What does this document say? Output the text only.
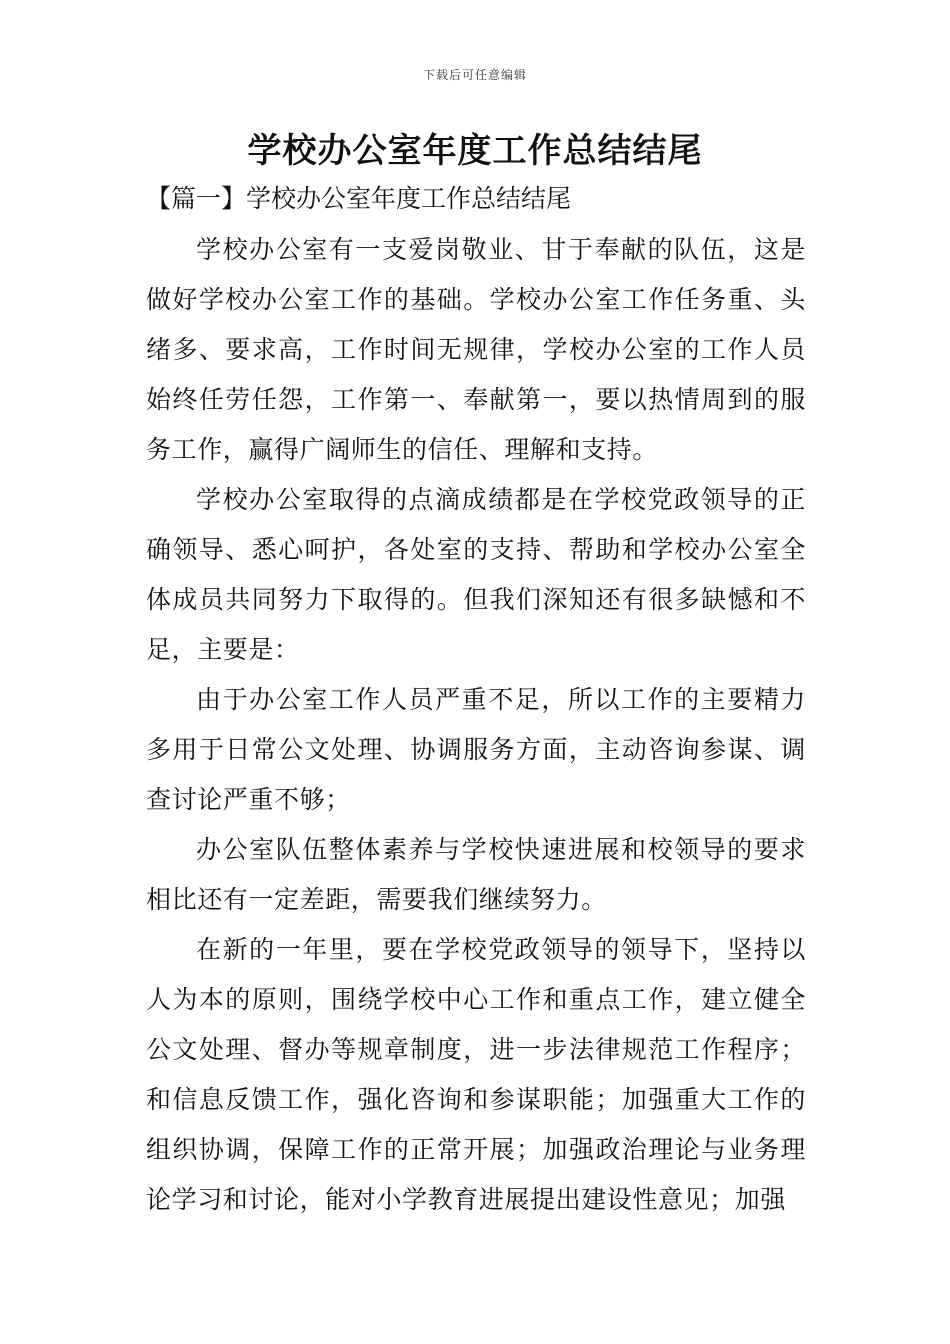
下载后可任意编辑
学校办公室年度工作总结结尾

【篇一】学校办公室年度工作总结结尾

学校办公室有一支爱岗敬业、甘于奉献的队伍，这是做好学校办公室工作的基础。学校办公室工作任务重、头绪多、要求高，工作时间无规律，学校办公室的工作人员始终任劳任怨，工作第一、奉献第一，要以热情周到的服务工作，赢得广阔师生的信任、理解和支持。

学校办公室取得的点滴成绩都是在学校党政领导的正确领导、悉心呵护，各处室的支持、帮助和学校办公室全体成员共同努力下取得的。但我们深知还有很多缺憾和不足，主要是：

由于办公室工作人员严重不足，所以工作的主要精力多用于日常公文处理、协调服务方面，主动咨询参谋、调查讨论严重不够；

办公室队伍整体素养与学校快速进展和校领导的要求相比还有一定差距，需要我们继续努力。

在新的一年里，要在学校党政领导的领导下，坚持以人为本的原则，围绕学校中心工作和重点工作，建立健全公文处理、督办等规章制度，进一步法律规范工作程序；和信息反馈工作，强化咨询和参谋职能；加强重大工作的组织协调，保障工作的正常开展；加强政治理论与业务理论学习和讨论，能对小学教育进展提出建设性意见；加强
